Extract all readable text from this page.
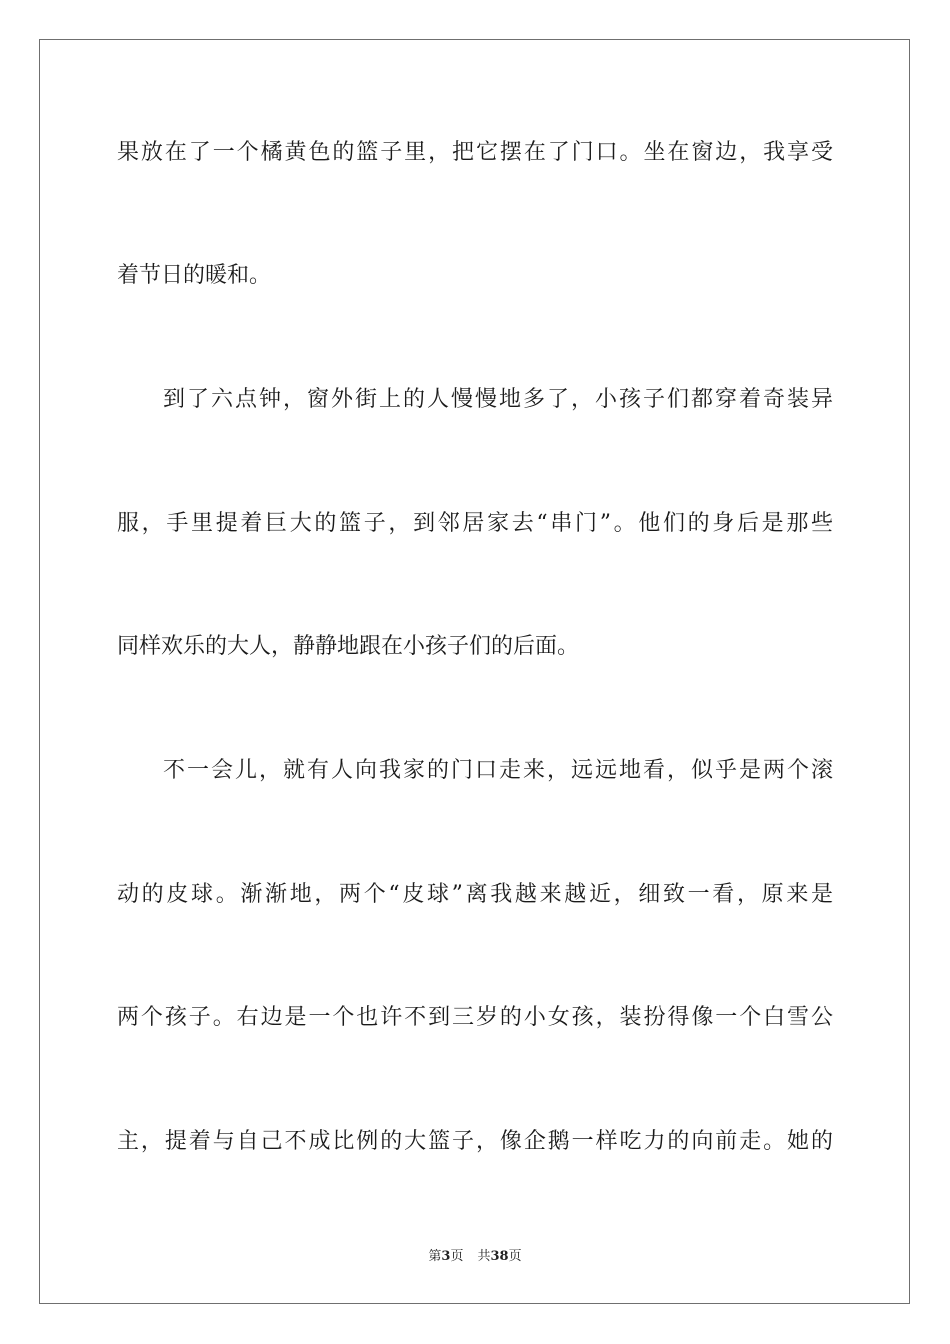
果放在了一个橘黄色的篮子里，把它摆在了门口。坐在窗边，我享受
着节日的暖和。
到了六点钟，窗外街上的人慢慢地多了，小孩子们都穿着奇装异
服，手里提着巨大的篮子，到邻居家去“串门”。他们的身后是那些
同样欢乐的大人，静静地跟在小孩子们的后面。
不一会儿，就有人向我家的门口走来，远远地看，似乎是两个滚
动的皮球。渐渐地，两个“皮球”离我越来越近，细致一看，原来是
两个孩子。右边是一个也许不到三岁的小女孩，装扮得像一个白雪公
主，提着与自己不成比例的大篮子，像企鹅一样吃力的向前走。她的
第3页 共38页
